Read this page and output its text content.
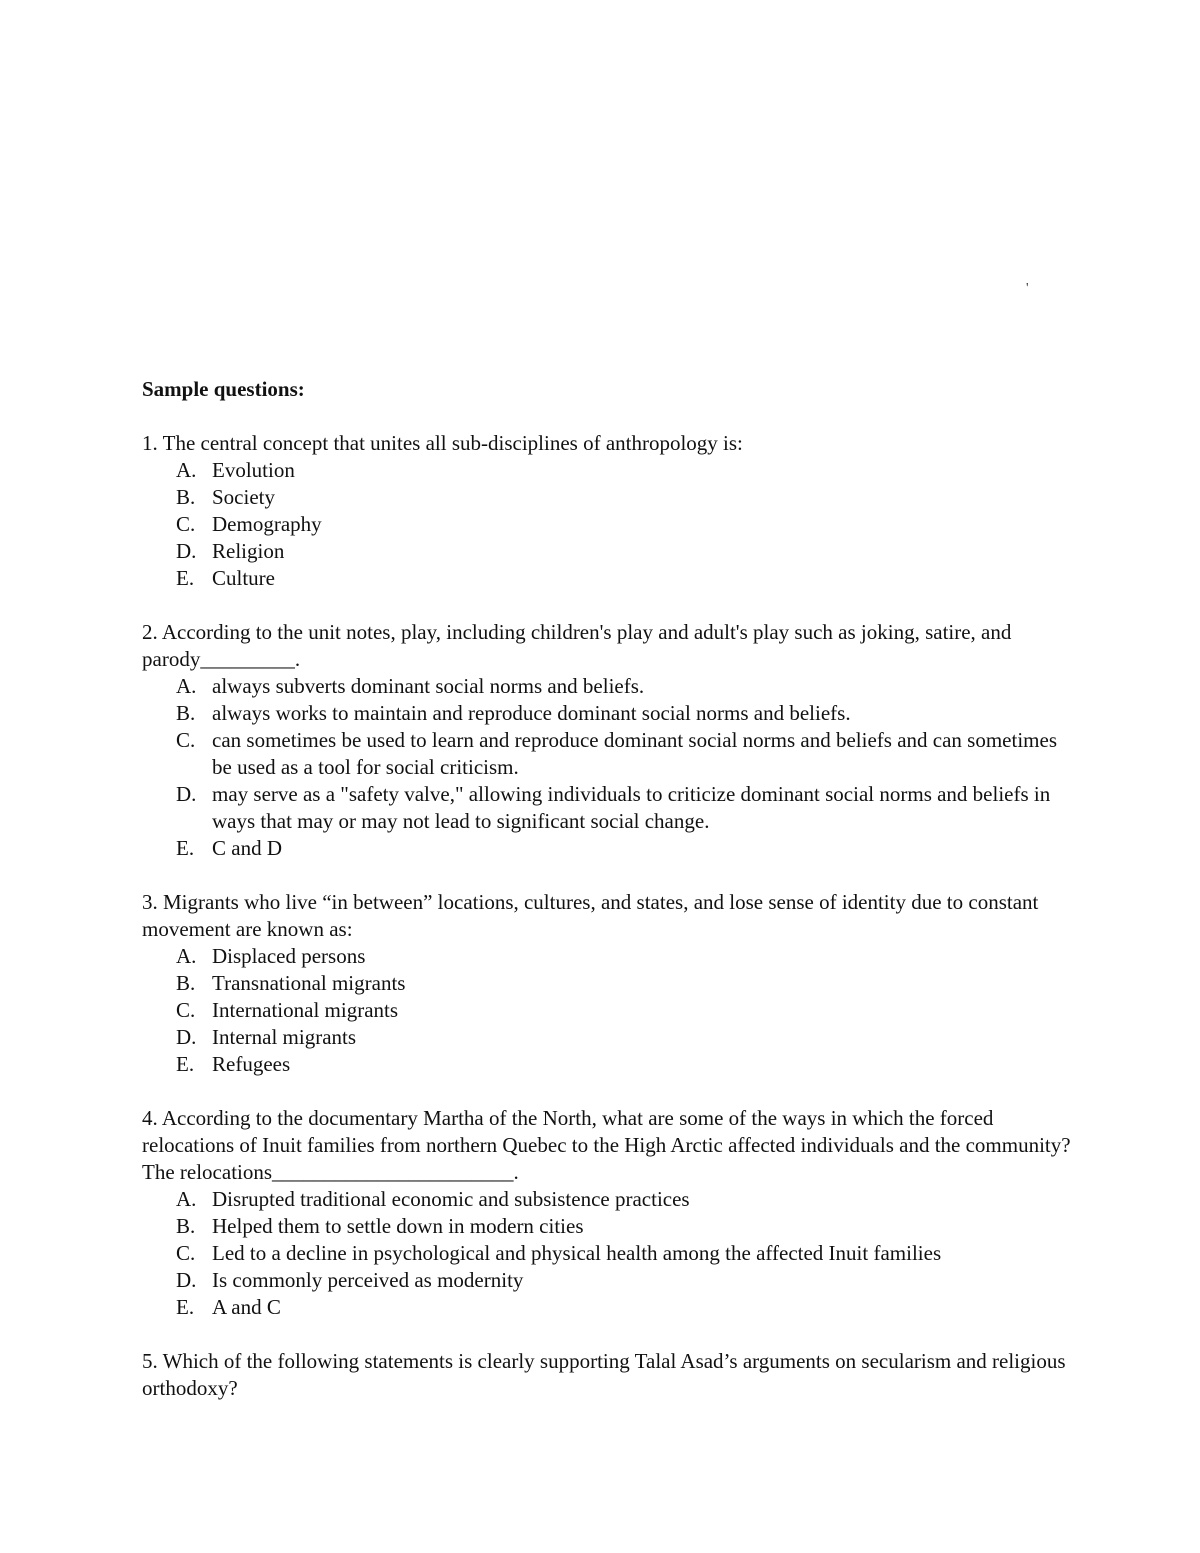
'

Sample questions:

1. The central concept that unites all sub-disciplines of anthropology is:

A. Evolution
B. Society
C. Demography
D. Religion
E. Culture

2. According to the unit notes, play, including children's play and adult's play such as joking, satire, and parody_________.

A. always subverts dominant social norms and beliefs.
B. always works to maintain and reproduce dominant social norms and beliefs.
C. can sometimes be used to learn and reproduce dominant social norms and beliefs and can sometimes be used as a tool for social criticism.
D. may serve as a "safety valve," allowing individuals to criticize dominant social norms and beliefs in ways that may or may not lead to significant social change.
E. C and D

3. Migrants who live “in between” locations, cultures, and states, and lose sense of identity due to constant movement are known as:

A. Displaced persons
B. Transnational migrants
C. International migrants
D. Internal migrants
E. Refugees

4. According to the documentary Martha of the North, what are some of the ways in which the forced relocations of Inuit families from northern Quebec to the High Arctic affected individuals and the community? The relocations_______________________.

A. Disrupted traditional economic and subsistence practices
B. Helped them to settle down in modern cities
C. Led to a decline in psychological and physical health among the affected Inuit families
D. Is commonly perceived as modernity
E. A and C

5. Which of the following statements is clearly supporting Talal Asad’s arguments on secularism and religious orthodoxy?
